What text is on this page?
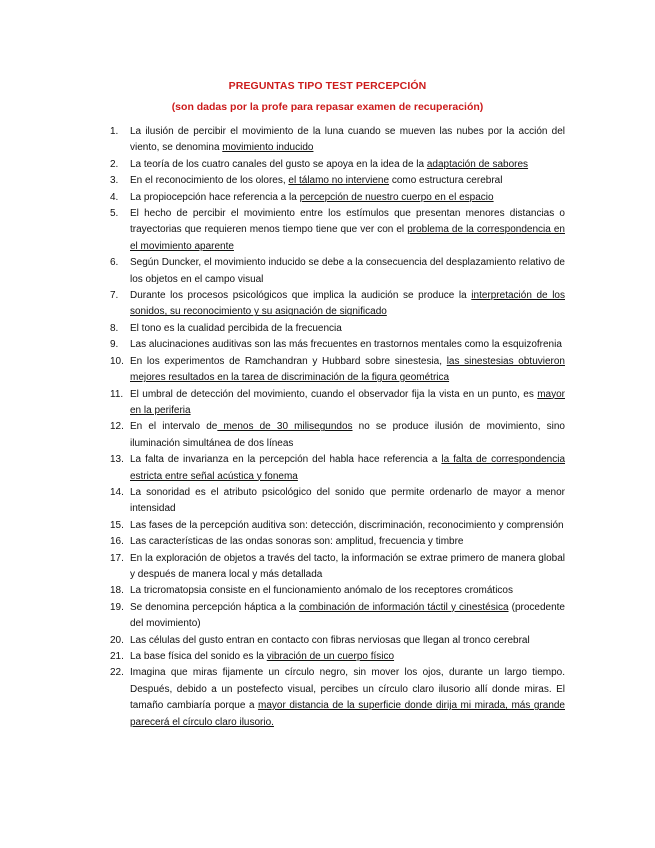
PREGUNTAS TIPO TEST PERCEPCIÓN
(son dadas por la profe para repasar examen de recuperación)
1. La ilusión de percibir el movimiento de la luna cuando se mueven las nubes por la acción del viento, se denomina movimiento inducido
2. La teoría de los cuatro canales del gusto se apoya en la idea de la adaptación de sabores
3. En el reconocimiento de los olores, el tálamo no interviene como estructura cerebral
4. La propiocepción hace referencia a la percepción de nuestro cuerpo en el espacio
5. El hecho de percibir el movimiento entre los estímulos que presentan menores distancias o trayectorias que requieren menos tiempo tiene que ver con el problema de la correspondencia en el movimiento aparente
6. Según Duncker, el movimiento inducido se debe a la consecuencia del desplazamiento relativo de los objetos en el campo visual
7. Durante los procesos psicológicos que implica la audición se produce la interpretación de los sonidos, su reconocimiento y su asignación de significado
8. El tono es la cualidad percibida de la frecuencia
9. Las alucinaciones auditivas son las más frecuentes en trastornos mentales como la esquizofrenia
10. En los experimentos de Ramchandran y Hubbard sobre sinestesia, las sinestesias obtuvieron mejores resultados en la tarea de discriminación de la figura geométrica
11. El umbral de detección del movimiento, cuando el observador fija la vista en un punto, es mayor en la periferia
12. En el intervalo de menos de 30 milisegundos no se produce ilusión de movimiento, sino iluminación simultánea de dos líneas
13. La falta de invarianza en la percepción del habla hace referencia a la falta de correspondencia estricta entre señal acústica y fonema
14. La sonoridad es el atributo psicológico del sonido que permite ordenarlo de mayor a menor intensidad
15. Las fases de la percepción auditiva son: detección, discriminación, reconocimiento y comprensión
16. Las características de las ondas sonoras son: amplitud, frecuencia y timbre
17. En la exploración de objetos a través del tacto, la información se extrae primero de manera global y después de manera local y más detallada
18. La tricromatopsia consiste en el funcionamiento anómalo de los receptores cromáticos
19. Se denomina percepción háptica a la combinación de información táctil y cinestésica (procedente del movimiento)
20. Las células del gusto entran en contacto con fibras nerviosas que llegan al tronco cerebral
21. La base física del sonido es la vibración de un cuerpo físico
22. Imagina que miras fijamente un círculo negro, sin mover los ojos, durante un largo tiempo. Después, debido a un postefecto visual, percibes un círculo claro ilusorio allí donde miras. El tamaño cambiaría porque a mayor distancia de la superficie donde dirija mi mirada, más grande parecerá el círculo claro ilusorio.
